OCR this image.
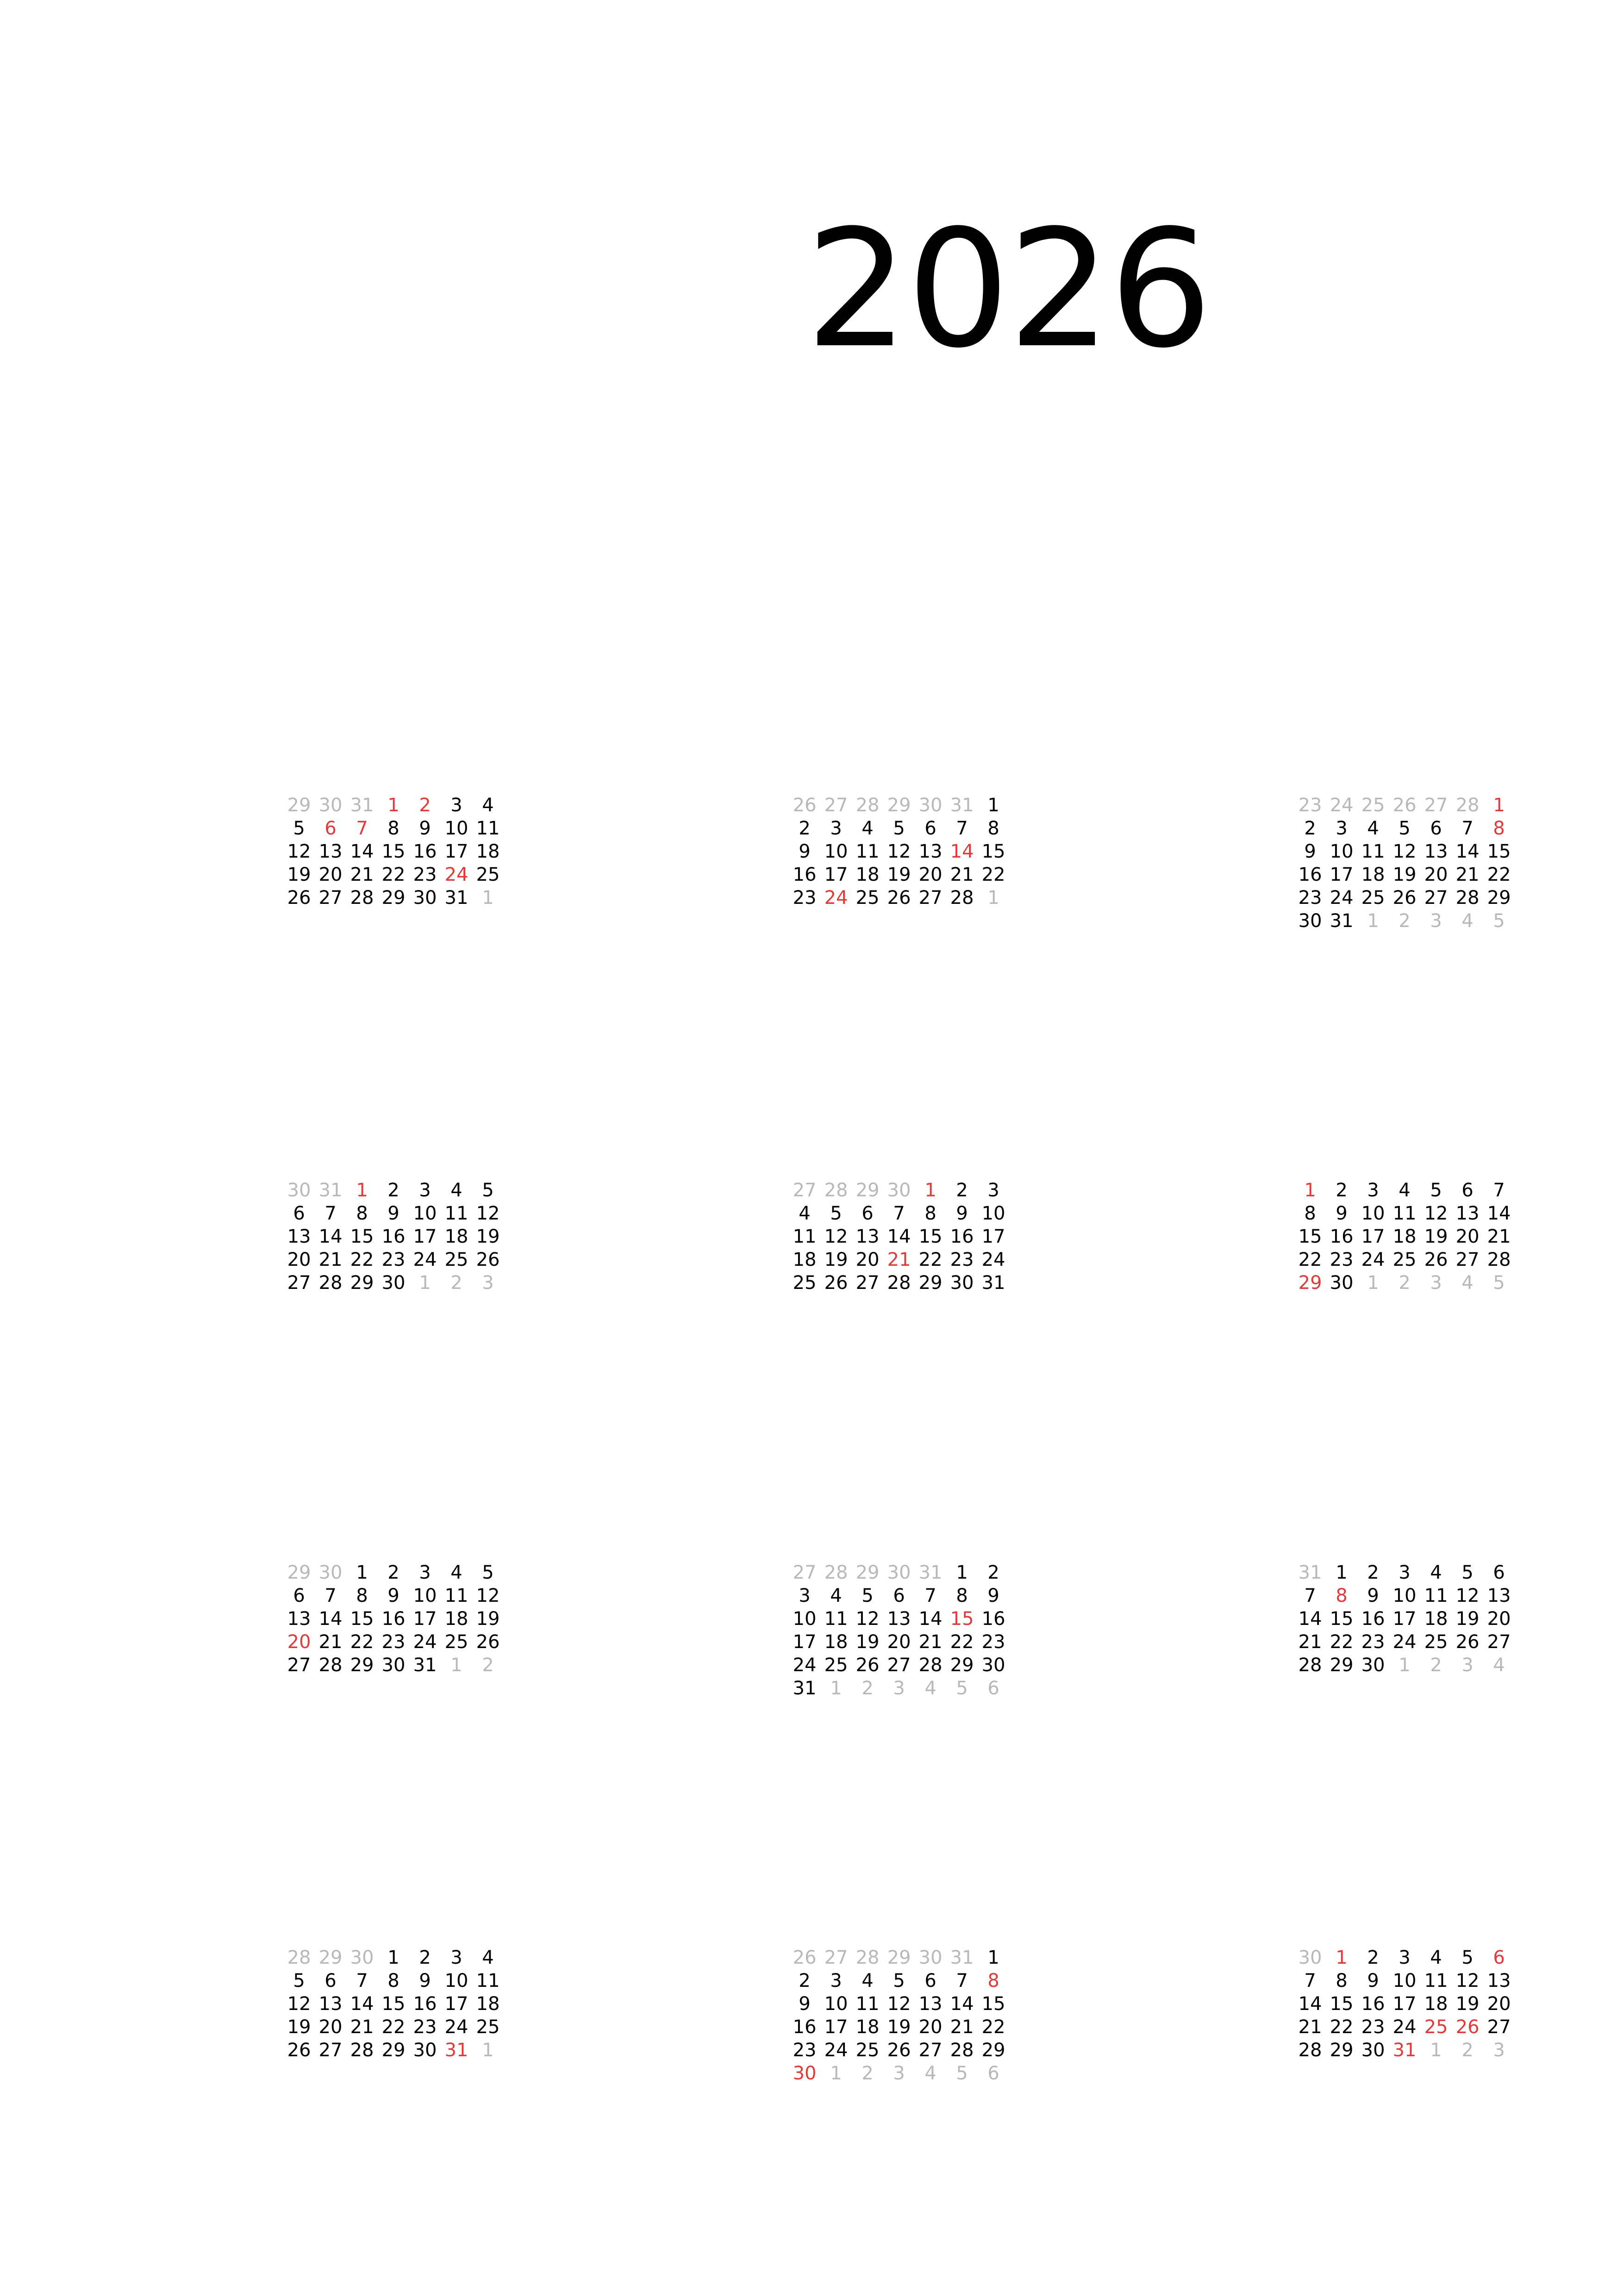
2026
29 30 31 1	2	3	4
5	6	7	8	9 10 11
12 13 14 15 16 17 18
19 20 21 22 23 24 25
26 27 28 29 30 31 1
26 27 28 29 30 31 1
2	3	4	5	6	7	8
9 10 11 12 13 14 15
16 17 18 19 20 21 22
23 24 25 26 27 28 1
23 24 25 26 27 28 1
2	3	4	5	6	7	8
9 10 11 12 13 14 15
16 17 18 19 20 21 22
23 24 25 26 27 28 29
30 31 1	2	3	4	5
30 31 1	2	3	4	5
6	7	8	9 10 11 12
13 14 15 16 17 18 19
20 21 22 23 24 25 26
27 28 29 30 1	2	3
27 28 29 30 1	2	3
4	5	6	7	8	9 10
11 12 13 14 15 16 17
18 19 20 21 22 23 24
25 26 27 28 29 30 31
1	2	3	4	5	6	7
8	9 10 11 12 13 14
15 16 17 18 19 20 21
22 23 24 25 26 27 28
29 30 1	2	3	4	5
29 30 1	2	3	4	5
6	7	8	9 10 11 12
13 14 15 16 17 18 19
20 21 22 23 24 25 26
27 28 29 30 31 1	2
27 28 29 30 31 1	2
3	4	5	6	7	8	9
10 11 12 13 14 15 16
17 18 19 20 21 22 23
24 25 26 27 28 29 30
31 1	2	3	4	5	6
31 1	2	3	4	5	6
7	8	9 10 11 12 13
14 15 16 17 18 19 20
21 22 23 24 25 26 27
28 29 30 1	2	3	4
28 29 30 1	2	3	4
5	6	7	8	9 10 11
12 13 14 15 16 17 18
19 20 21 22 23 24 25
26 27 28 29 30 31 1
26 27 28 29 30 31 1
2	3	4	5	6	7	8
9 10 11 12 13 14 15
16 17 18 19 20 21 22
23 24 25 26 27 28 29
30 1	2	3	4	5	6
30 1	2	3	4	5	6
7	8	9 10 11 12 13
14 15 16 17 18 19 20
21 22 23 24 25 26 27
28 29 30 31 1	2	3
